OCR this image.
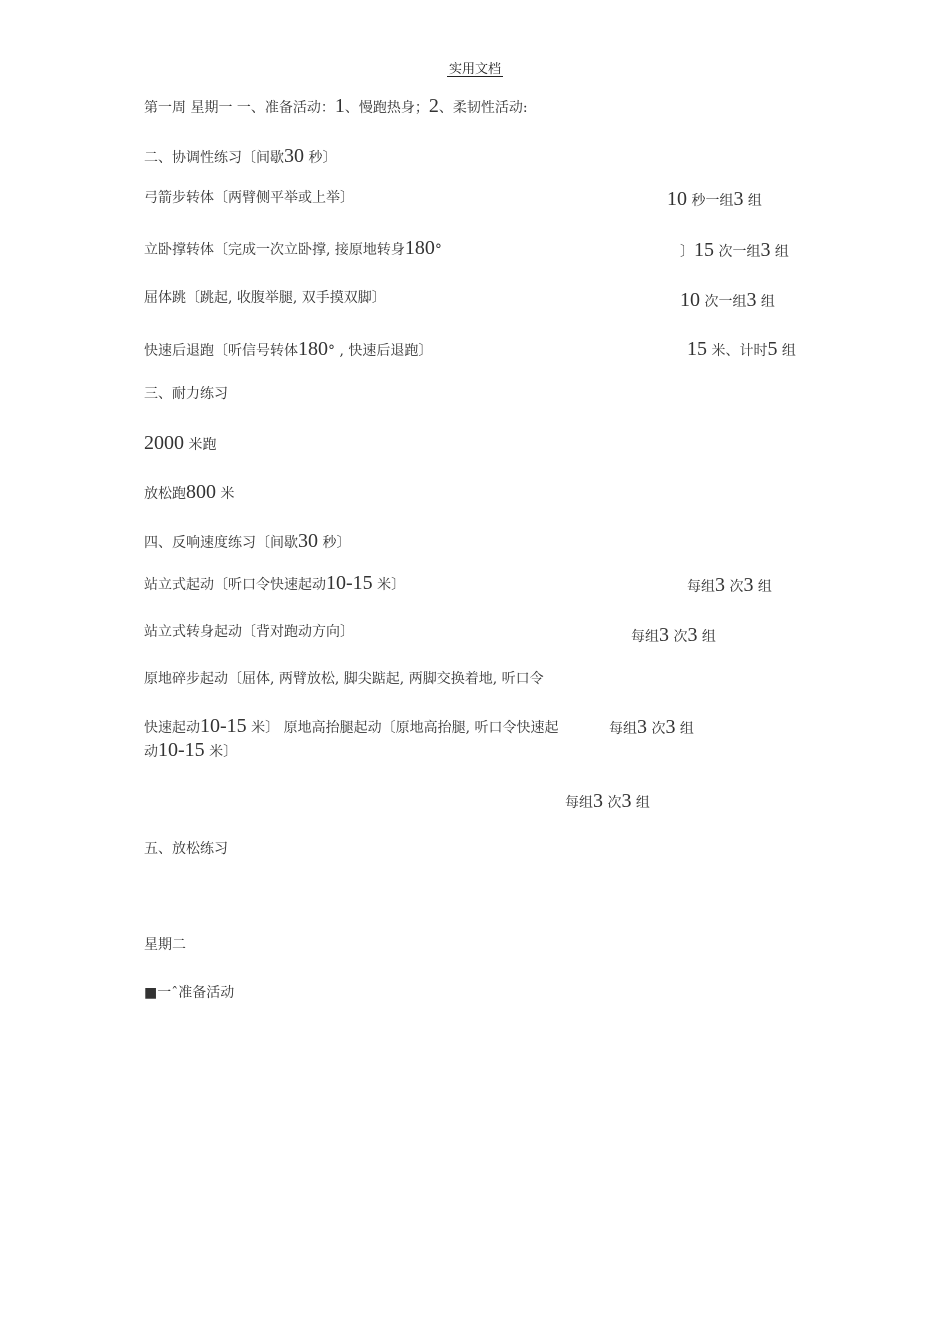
实用文档
第一周 星期一 一、准备活动：1、慢跑热身；2、柔韧性活动:
二、协调性练习〔间歇30 秒〕
弓箭步转体〔两臂侧平举或上举〕	10 秒一组3 组
立卧撑转体〔完成一次立卧撑, 接原地转身180°	〕15 次一组3 组
屈体跳〔跳起, 收腹举腿, 双手摸双脚〕	10 次一组3 组
快速后退跑〔听信号转体180° , 快速后退跑〕	15 米、计时5 组
三、耐力练习
2000 米跑
放松跑800 米
四、反响速度练习〔间歇30 秒〕
站立式起动〔听口令快速起动10-15 米〕	每组3 次3 组
站立式转身起动〔背对跑动方向〕	每组3 次3 组
原地碎步起动〔屈体, 两臂放松, 脚尖踮起, 两脚交换着地, 听口令
快速起动10-15 米〕 原地高抬腿起动〔原地高抬腿, 听口令快速起	每组3 次3 组
动10-15 米〕
每组3 次3 组
五、放松练习
星期二
■一ˆ准备活动
